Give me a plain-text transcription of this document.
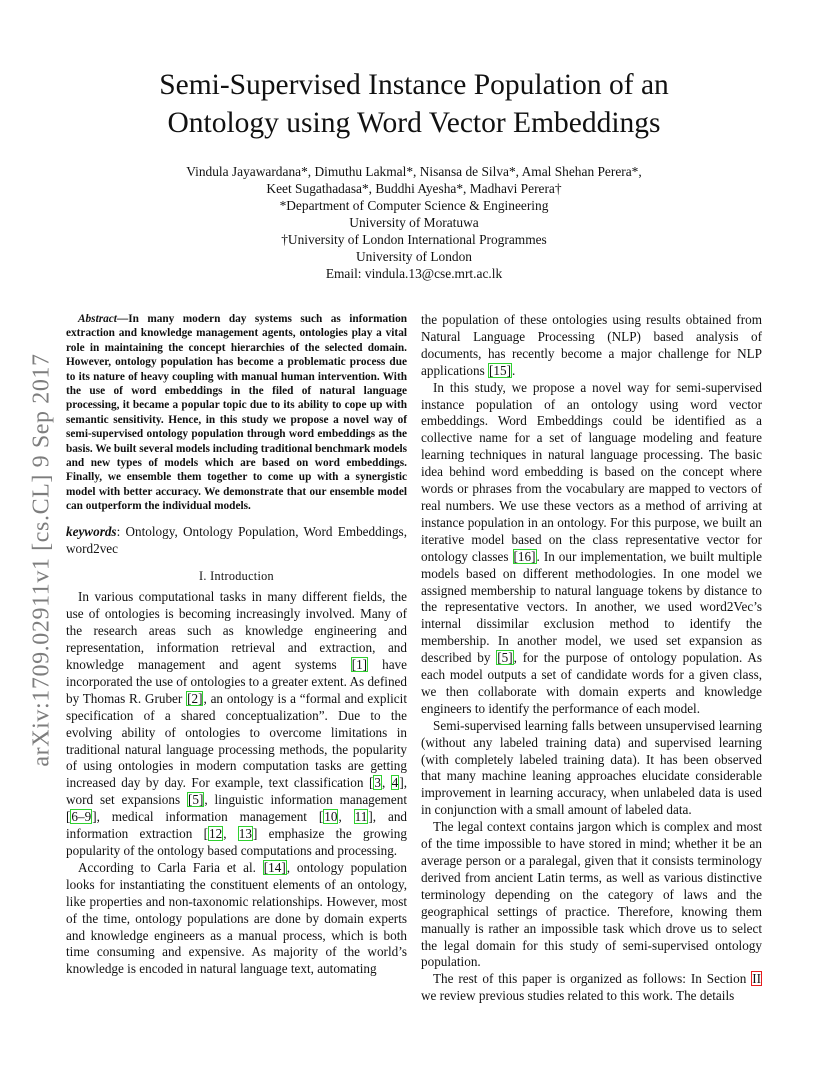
arXiv:1709.02911v1 [cs.CL] 9 Sep 2017
Semi-Supervised Instance Population of an
Ontology using Word Vector Embeddings
Vindula Jayawardana*, Dimuthu Lakmal*, Nisansa de Silva*, Amal Shehan Perera*,
Keet Sugathadasa*, Buddhi Ayesha*, Madhavi Perera†
*Department of Computer Science & Engineering
University of Moratuwa
†University of London International Programmes
University of London
Email: vindula.13@cse.mrt.ac.lk

Abstract—In many modern day systems such as information extraction and knowledge management agents, ontologies play a vital role in maintaining the concept hierarchies of the selected domain. However, ontology population has become a problematic process due to its nature of heavy coupling with manual human intervention. With the use of word embeddings in the filed of natural language processing, it became a popular topic due to its ability to cope up with semantic sensitivity. Hence, in this study we propose a novel way of semi-supervised ontology population through word embeddings as the basis. We built several models including traditional benchmark models and new types of models which are based on word embeddings. Finally, we ensemble them together to come up with a synergistic model with better accuracy. We demonstrate that our ensemble model can outperform the individual models.

keywords: Ontology, Ontology Population, Word Embeddings, word2vec

I. Introduction

In various computational tasks in many different fields, the use of ontologies is becoming increasingly involved. Many of the research areas such as knowledge engineering and representation, information retrieval and extraction, and knowledge management and agent systems [1] have incorporated the use of ontologies to a greater extent. As defined by Thomas R. Gruber [2], an ontology is a “formal and explicit specification of a shared conceptualization”. Due to the evolving ability of ontologies to overcome limitations in traditional natural language processing methods, the popularity of using ontologies in modern computation tasks are getting increased day by day. For example, text classification [3, 4], word set expansions [5], linguistic information management [6–9], medical information management [10, 11], and information extraction [12, 13] emphasize the growing popularity of the ontology based computations and processing.

According to Carla Faria et al. [14], ontology population looks for instantiating the constituent elements of an ontology, like properties and non-taxonomic relationships. However, most of the time, ontology populations are done by domain experts and knowledge engineers as a manual process, which is both time consuming and expensive. As majority of the world’s knowledge is encoded in natural language text, automating

the population of these ontologies using results obtained from Natural Language Processing (NLP) based analysis of documents, has recently become a major challenge for NLP applications [15].

In this study, we propose a novel way for semi-supervised instance population of an ontology using word vector embeddings. Word Embeddings could be identified as a collective name for a set of language modeling and feature learning techniques in natural language processing. The basic idea behind word embedding is based on the concept where words or phrases from the vocabulary are mapped to vectors of real numbers. We use these vectors as a method of arriving at instance population in an ontology. For this purpose, we built an iterative model based on the class representative vector for ontology classes [16]. In our implementation, we built multiple models based on different methodologies. In one model we assigned membership to natural language tokens by distance to the representative vectors. In another, we used word2Vec’s internal dissimilar exclusion method to identify the membership. In another model, we used set expansion as described by [5], for the purpose of ontology population. As each model outputs a set of candidate words for a given class, we then collaborate with domain experts and knowledge engineers to identify the performance of each model.

Semi-supervised learning falls between unsupervised learning (without any labeled training data) and supervised learning (with completely labeled training data). It has been observed that many machine leaning approaches elucidate considerable improvement in learning accuracy, when unlabeled data is used in conjunction with a small amount of labeled data.

The legal context contains jargon which is complex and most of the time impossible to have stored in mind; whether it be an average person or a paralegal, given that it consists terminology derived from ancient Latin terms, as well as various distinctive terminology depending on the category of laws and the geographical settings of practice. Therefore, knowing them manually is rather an impossible task which drove us to select the legal domain for this study of semi-supervised ontology population.

The rest of this paper is organized as follows: In Section II we review previous studies related to this work. The details
